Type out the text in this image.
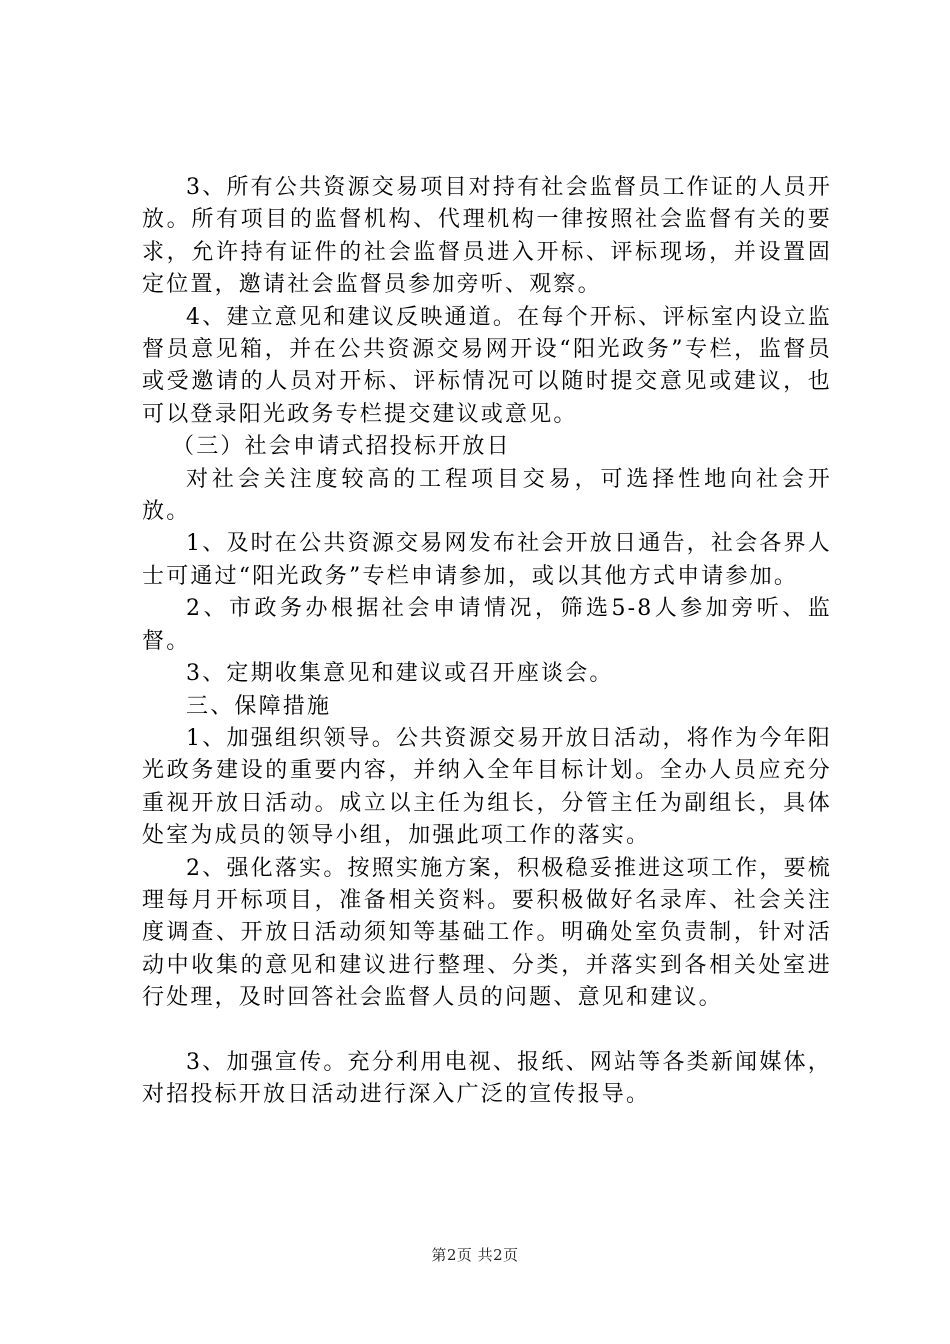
3、所有公共资源交易项目对持有社会监督员工作证的人员开放。所有项目的监督机构、代理机构一律按照社会监督有关的要求，允许持有证件的社会监督员进入开标、评标现场，并设置固定位置，邀请社会监督员参加旁听、观察。

4、建立意见和建议反映通道。在每个开标、评标室内设立监督员意见箱，并在公共资源交易网开设“阳光政务”专栏，监督员或受邀请的人员对开标、评标情况可以随时提交意见或建议，也可以登录阳光政务专栏提交建议或意见。

（三）社会申请式招投标开放日

对社会关注度较高的工程项目交易，可选择性地向社会开放。

1、及时在公共资源交易网发布社会开放日通告，社会各界人士可通过“阳光政务”专栏申请参加，或以其他方式申请参加。

2、市政务办根据社会申请情况，筛选5-8人参加旁听、监督。

3、定期收集意见和建议或召开座谈会。

三、保障措施

1、加强组织领导。公共资源交易开放日活动，将作为今年阳光政务建设的重要内容，并纳入全年目标计划。全办人员应充分重视开放日活动。成立以主任为组长，分管主任为副组长，具体处室为成员的领导小组，加强此项工作的落实。

2、强化落实。按照实施方案，积极稳妥推进这项工作，要梳理每月开标项目，准备相关资料。要积极做好名录库、社会关注度调查、开放日活动须知等基础工作。明确处室负责制，针对活动中收集的意见和建议进行整理、分类，并落实到各相关处室进行处理，及时回答社会监督人员的问题、意见和建议。

3、加强宣传。充分利用电视、报纸、网站等各类新闻媒体，对招投标开放日活动进行深入广泛的宣传报导。

第2页 共2页
